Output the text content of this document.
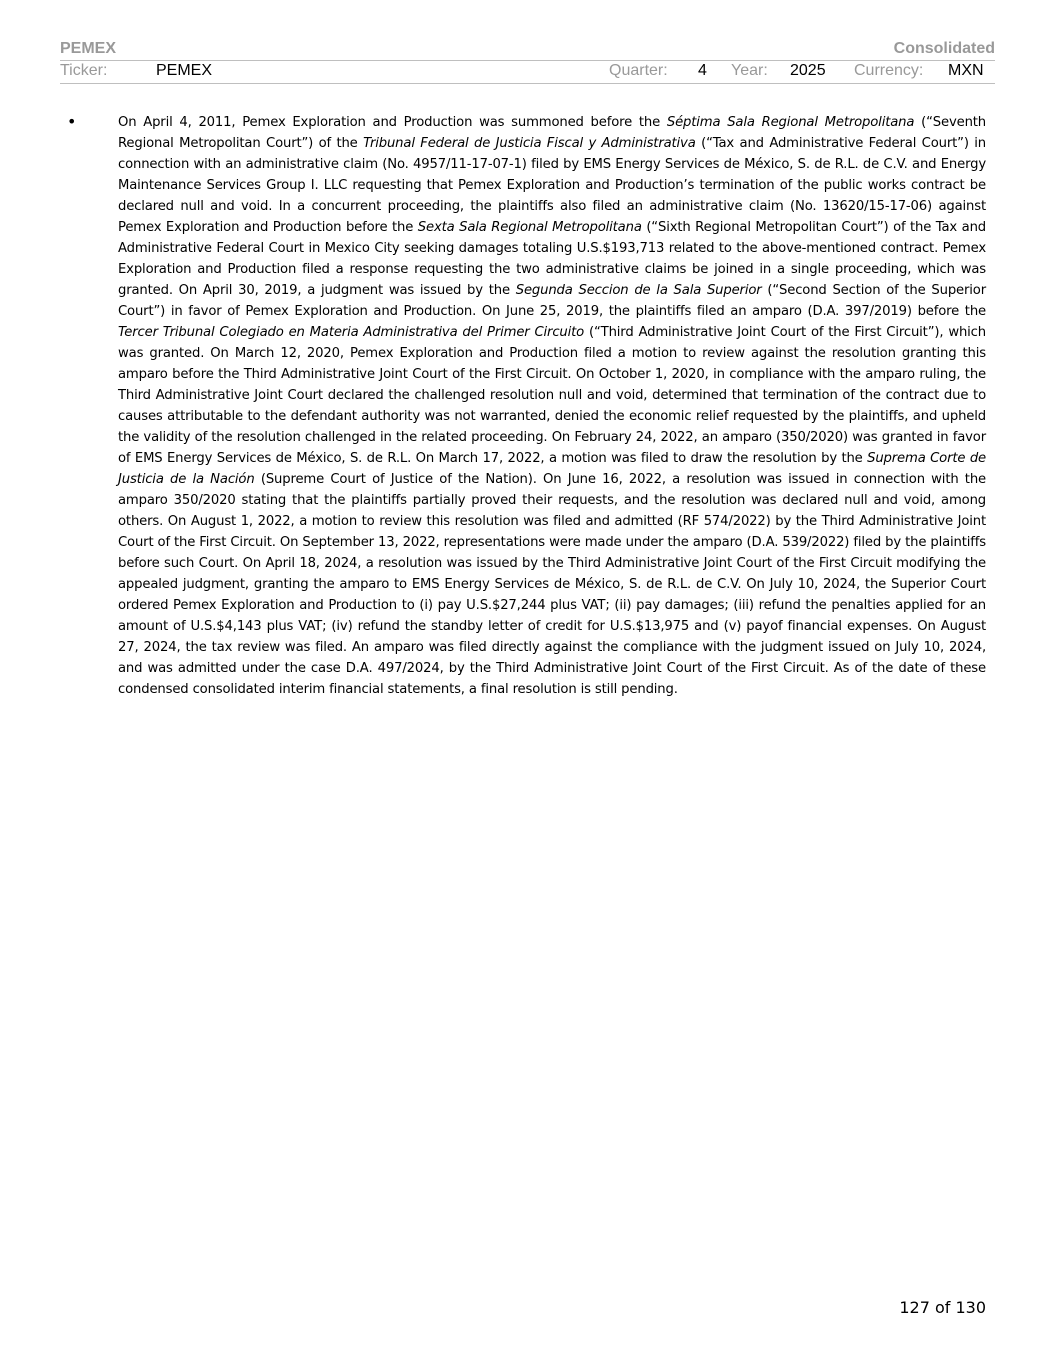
PEMEX	Consolidated
Ticker:	PEMEX	Quarter: 4 Year: 2025 Currency: MXN
•	On April 4, 2011, Pemex Exploration and Production was summoned before the Séptima Sala Regional Metropolitana (“Seventh Regional Metropolitan Court”) of the Tribunal Federal de Justicia Fiscal y Administrativa (“Tax and Administrative Federal Court”) in connection with an administrative claim (No. 4957/11-17-07-1) filed by EMS Energy Services de México, S. de R.L. de C.V. and Energy Maintenance Services Group I. LLC requesting that Pemex Exploration and Production’s termination of the public works contract be declared null and void. In a concurrent proceeding, the plaintiffs also filed an administrative claim (No. 13620/15-17-06) against Pemex Exploration and Production before the Sexta Sala Regional Metropolitana (“Sixth Regional Metropolitan Court”) of the Tax and Administrative Federal Court in Mexico City seeking damages totaling U.S.$193,713 related to the above-mentioned contract. Pemex Exploration and Production filed a response requesting the two administrative claims be joined in a single proceeding, which was granted. On April 30, 2019, a judgment was issued by the Segunda Seccion de la Sala Superior (“Second Section of the Superior Court”) in favor of Pemex Exploration and Production. On June 25, 2019, the plaintiffs filed an amparo (D.A. 397/2019) before the Tercer Tribunal Colegiado en Materia Administrativa del Primer Circuito (“Third Administrative Joint Court of the First Circuit”), which was granted. On March 12, 2020, Pemex Exploration and Production filed a motion to review against the resolution granting this amparo before the Third Administrative Joint Court of the First Circuit. On October 1, 2020, in compliance with the amparo ruling, the Third Administrative Joint Court declared the challenged resolution null and void, determined that termination of the contract due to causes attributable to the defendant authority was not warranted, denied the economic relief requested by the plaintiffs, and upheld the validity of the resolution challenged in the related proceeding. On February 24, 2022, an amparo (350/2020) was granted in favor of EMS Energy Services de México, S. de R.L. On March 17, 2022, a motion was filed to draw the resolution by the Suprema Corte de Justicia de la Nación (Supreme Court of Justice of the Nation). On June 16, 2022, a resolution was issued in connection with the amparo 350/2020 stating that the plaintiffs partially proved their requests, and the resolution was declared null and void, among others. On August 1, 2022, a motion to review this resolution was filed and admitted (RF 574/2022) by the Third Administrative Joint Court of the First Circuit. On September 13, 2022, representations were made under the amparo (D.A. 539/2022) filed by the plaintiffs before such Court. On April 18, 2024, a resolution was issued by the Third Administrative Joint Court of the First Circuit modifying the appealed judgment, granting the amparo to EMS Energy Services de México, S. de R.L. de C.V. On July 10, 2024, the Superior Court ordered Pemex Exploration and Production to (i) pay U.S.$27,244 plus VAT; (ii) pay damages; (iii) refund the penalties applied for an amount of U.S.$4,143 plus VAT; (iv) refund the standby letter of credit for U.S.$13,975 and (v) payof financial expenses. On August 27, 2024, the tax review was filed. An amparo was filed directly against the compliance with the judgment issued on July 10, 2024, and was admitted under the case D.A. 497/2024, by the Third Administrative Joint Court of the First Circuit. As of the date of these condensed consolidated interim financial statements, a final resolution is still pending.
127 of 130
